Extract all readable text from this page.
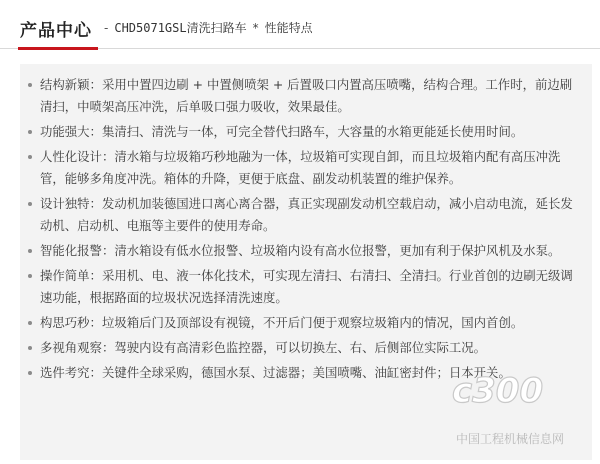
产品中心 - CHD5071GSL清洗扫路车 * 性能特点
结构新颖：采用中置四边刷 + 中置侧喷架 + 后置吸口内置高压喷嘴，结构合理。工作时，前边刷清扫，中喷架高压冲洗，后单吸口强力吸收，效果最佳。
功能强大：集清扫、清洗与一体，可完全替代扫路车，大容量的水箱更能延长使用时间。
人性化设计：清水箱与垃圾箱巧秒地融为一体，垃圾箱可实现自卸，而且垃圾箱内配有高压冲洗管，能够多角度冲洗。箱体的升降，更便于底盘、副发动机装置的维护保养。
设计独特：发动机加装德国进口离心离合器，真正实现副发动机空载启动，减小启动电流，延长发动机、启动机、电瓶等主要件的使用寿命。
智能化报警：清水箱设有低水位报警、垃圾箱内设有高水位报警，更加有利于保护风机及水泵。
操作简单：采用机、电、液一体化技术，可实现左清扫、右清扫、全清扫。行业首创的边刷无级调速功能，根据路面的垃圾状况选择清洗速度。
构思巧秒：垃圾箱后门及顶部设有视镜，不开后门便于观察垃圾箱内的情况，国内首创。
多视角观察：驾驶内设有高清彩色监控器，可以切换左、右、后侧部位实际工况。
选件考究：关键件全球采购，德国水泵、过滤器；美国喷嘴、油缸密封件；日本开关。
c300
中国工程机械信息网
